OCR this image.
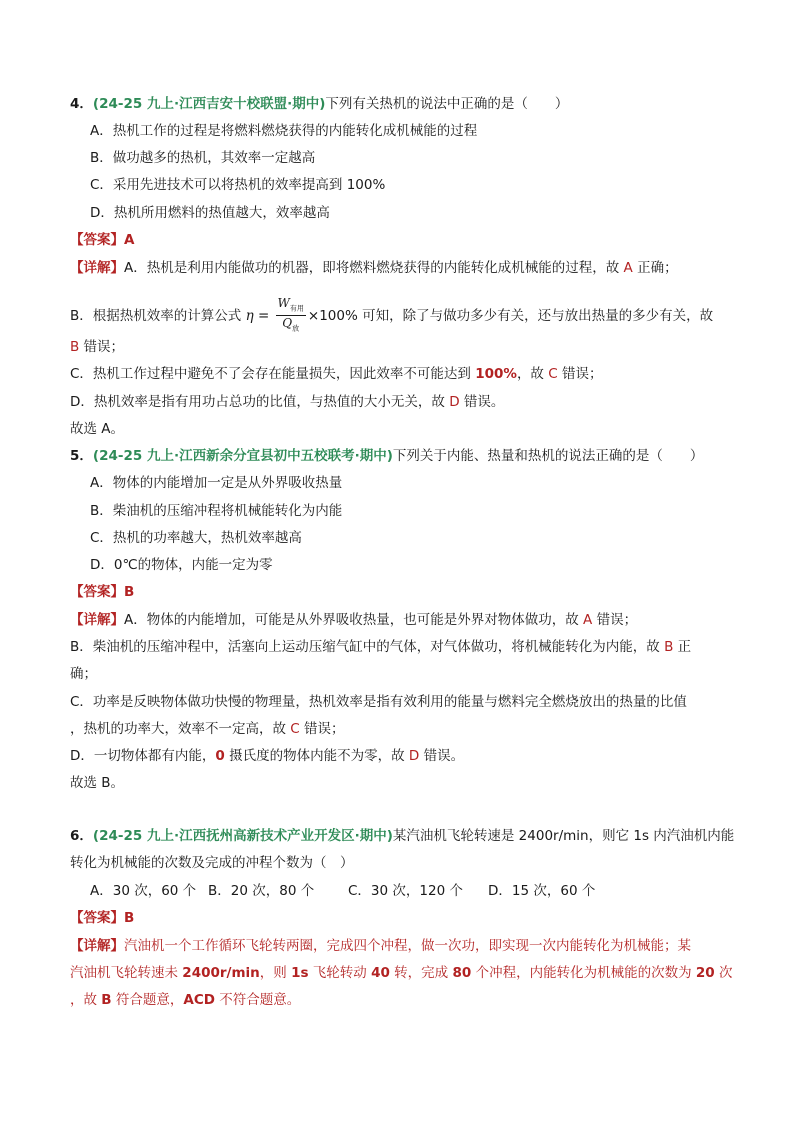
4．(24-25 九上·江西吉安十校联盟·期中)下列有关热机的说法中正确的是（　　）
A．热机工作的过程是将燃料燃烧获得的内能转化成机械能的过程
B．做功越多的热机，其效率一定越高
C．采用先进技术可以将热机的效率提高到 100%
D．热机所用燃料的热值越大，效率越高
【答案】A
【详解】A．热机是利用内能做功的机器，即将燃料燃烧获得的内能转化成机械能的过程，故 A 正确；
B．根据热机效率的计算公式 $\eta = \frac{W_{有用}}{Q_放} \times 100\%$ 可知，除了与做功多少有关，还与放出热量的多少有关，故
B 错误；
C．热机工作过程中避免不了会存在能量损失，因此效率不可能达到 100%，故 C 错误；
D．热机效率是指有用功占总功的比值，与热值的大小无关，故 D 错误。
故选 A。
5．(24-25 九上·江西新余分宜县初中五校联考·期中)下列关于内能、热量和热机的说法正确的是（　　）
A．物体的内能增加一定是从外界吸收热量
B．柴油机的压缩冲程将机械能转化为内能
C．热机的功率越大，热机效率越高
D．0℃的物体，内能一定为零
【答案】B
【详解】A．物体的内能增加，可能是从外界吸收热量，也可能是外界对物体做功，故 A 错误；
B．柴油机的压缩冲程中，活塞向上运动压缩气缸中的气体，对气体做功，将机械能转化为内能，故 B 正
确；
C．功率是反映物体做功快慢的物理量，热机效率是指有效利用的能量与燃料完全燃烧放出的热量的比值
，热机的功率大，效率不一定高，故 C 错误；
D．一切物体都有内能，0 摄氏度的物体内能不为零，故 D 错误。
故选 B。
6．(24-25 九上·江西抚州高新技术产业开发区·期中)某汽油机飞轮转速是 2400r/min，则它 1s 内汽油机内能
转化为机械能的次数及完成的冲程个数为（　）
A．30 次，60 个 B．20 次，80 个	C．30 次，120 个 D．15 次，60 个
【答案】B
【详解】汽油机一个工作循环飞轮转两圈，完成四个冲程，做一次功，即实现一次内能转化为机械能；某
汽油机飞轮转速未 2400r/min，则 1s 飞轮转动 40 转，完成 80 个冲程，内能转化为机械能的次数为 20 次
，故 B 符合题意，ACD 不符合题意。
